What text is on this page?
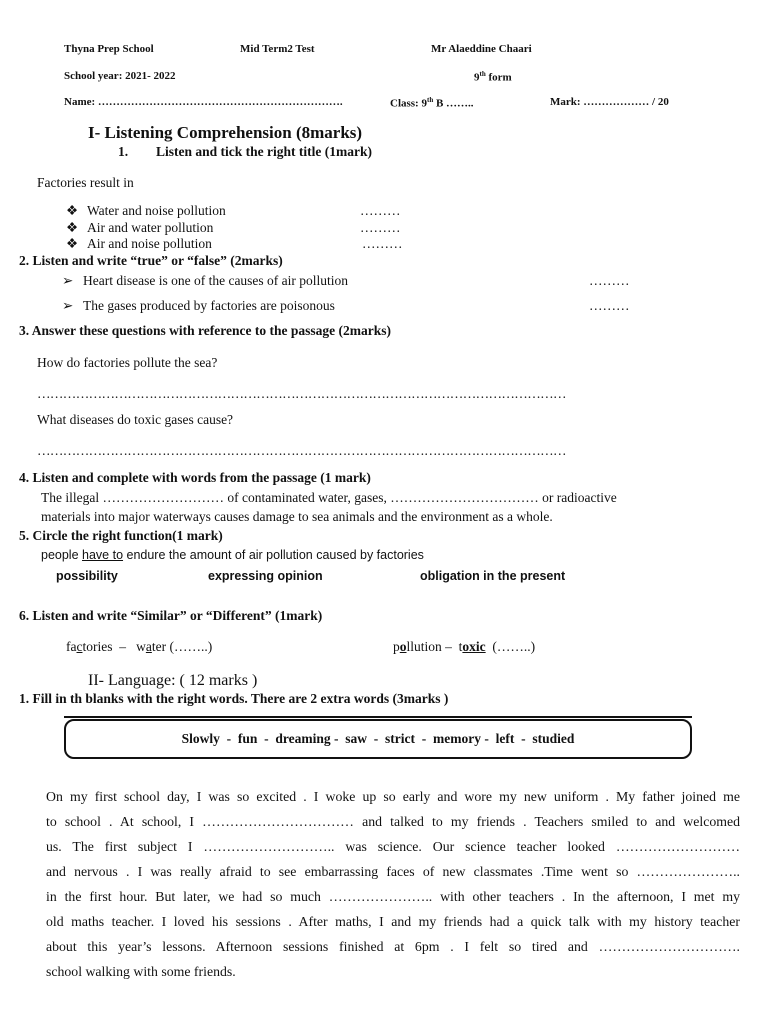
Thyna Prep School	Mid Term2 Test	Mr Alaeddine Chaari
School year: 2021- 2022	9th form
Name: ………………………………………………………….	Class: 9th B ……..	Mark: ……………… / 20
I- Listening Comprehension (8marks)
1. Listen and tick the right title (1mark)
Factories result in
❖ Water and noise pollution	………
❖ Air and water pollution	………
❖ Air and noise pollution	………
2. Listen and write “true” or “false” (2marks)
➢ Heart disease is one of the causes of air pollution	………
➢ The gases produced by factories are poisonous	………
3. Answer these questions with reference to the passage (2marks)
How do factories pollute the sea?
……………………………………………………………………………………………………………
What diseases do toxic gases cause?
……………………………………………………………………………………………………………
4. Listen and complete with words from the passage (1 mark)
The illegal ……………………… of contaminated water, gases, …………………………… or radioactive
materials into major waterways causes damage to sea animals and the environment as a whole.
5. Circle the right function(1 mark)
people have to endure the amount of air pollution caused by factories
possibility	expressing opinion	obligation in the present
6. Listen and write “Similar” or “Different” (1mark)
factories  –   water (……..)	pollution –  toxic  (……..)
II- Language: ( 12 marks )
1. Fill in th blanks with the right words. There are 2 extra words (3marks )
Slowly  -  fun  -  dreaming -  saw  -  strict  -  memory -  left  -  studied
On my first school day, I was so excited . I woke up so early and wore my new uniform . My father joined me
to school . At school, I …………………………… and talked to my friends . Teachers smiled to and welcomed
us. The first subject I ……………………….. was science. Our science teacher looked ………………………
and nervous . I was really afraid to see embarrassing faces of new classmates .Time went so …………………..
in the first hour. But later, we had so much ………………….. with other teachers . In the afternoon, I met my
old maths teacher. I loved his sessions . After maths, I and my friends had a quick talk with my history teacher
about this year’s lessons. Afternoon sessions finished at 6pm . I felt so tired and ………………………….
school walking with some friends.
